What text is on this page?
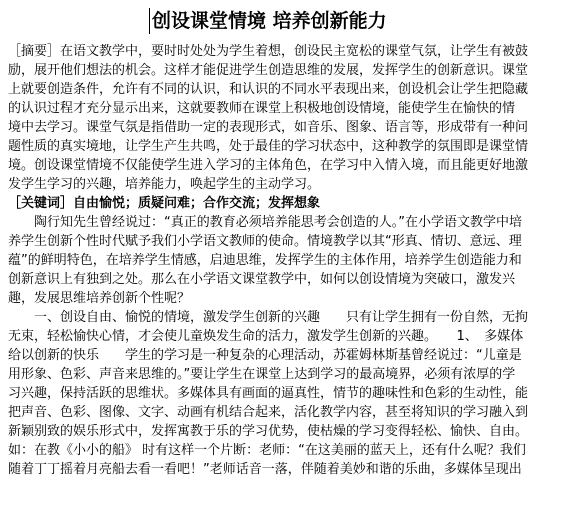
创设课堂情境 培养创新能力
［摘要］在语文教学中，要时时处处为学生着想，创设民主宽松的课堂气氛，让学生有被鼓
励，展开他们想法的机会。这样才能促进学生创造思维的发展，发挥学生的创新意识。课堂
上就要创造条件，允许有不同的认识，和认识的不同水平表现出来，创设机会让学生把隐藏
的认识过程才充分显示出来，这就要教师在课堂上积极地创设情境，能使学生在愉快的情
境中去学习。课堂气氛是指借助一定的表现形式，如音乐、图象、语言等，形成带有一种问
题性质的真实境地，让学生产生共鸣，处于最佳的学习状态中，这种教学的氛围即是课堂情
境。创设课堂情境不仅能使学生进入学习的主体角色，在学习中入情入境，而且能更好地激
发学生学习的兴趣，培养能力，唤起学生的主动学习。
［关键词］自由愉悦；质疑问难；合作交流；发挥想象
　　陶行知先生曾经说过：“真正的教育必须培养能思考会创造的人。”在小学语文教学中培
养学生创新个性时代赋予我们小学语文教师的使命。情境教学以其“形真、情切、意远、理
蕴”的鲜明特色，在培养学生情感，启迪思维，发挥学生的主体作用，培养学生创造能力和
创新意识上有独到之处。那么在小学语文课堂教学中，如何以创设情境为突破口，激发兴
趣，发展思维培养创新个性呢？
　　一、创设自由、愉悦的情境，激发学生创新的兴趣　　只有让学生拥有一份自然，无拘
无束，轻松愉快心情，才会使儿童焕发生命的活力，激发学生创新的兴趣。　　1、　多媒体
给以创新的快乐　　学生的学习是一种复杂的心理活动，苏霍姆林斯基曾经说过：“儿童是
用形象、色彩、声音来思维的。”要让学生在课堂上达到学习的最高境界，必须有浓厚的学
习兴趣，保持活跃的思维状。多媒体具有画面的逼真性，情节的趣味性和色彩的生动性，能
把声音、色彩、图像、文字、动画有机结合起来，活化教学内容，甚至将知识的学习融入到
新颖别致的娱乐形式中，发挥寓教于乐的学习优势，使枯燥的学习变得轻松、愉快、自由。
如：在教《小小的船》 时有这样一个片断：老师：“在这美丽的蓝天上，还有什么呢？我们
随着丁丁摇着月亮船去看一看吧！”老师话音一落，伴随着美妙和谐的乐曲，多媒体呈现出
